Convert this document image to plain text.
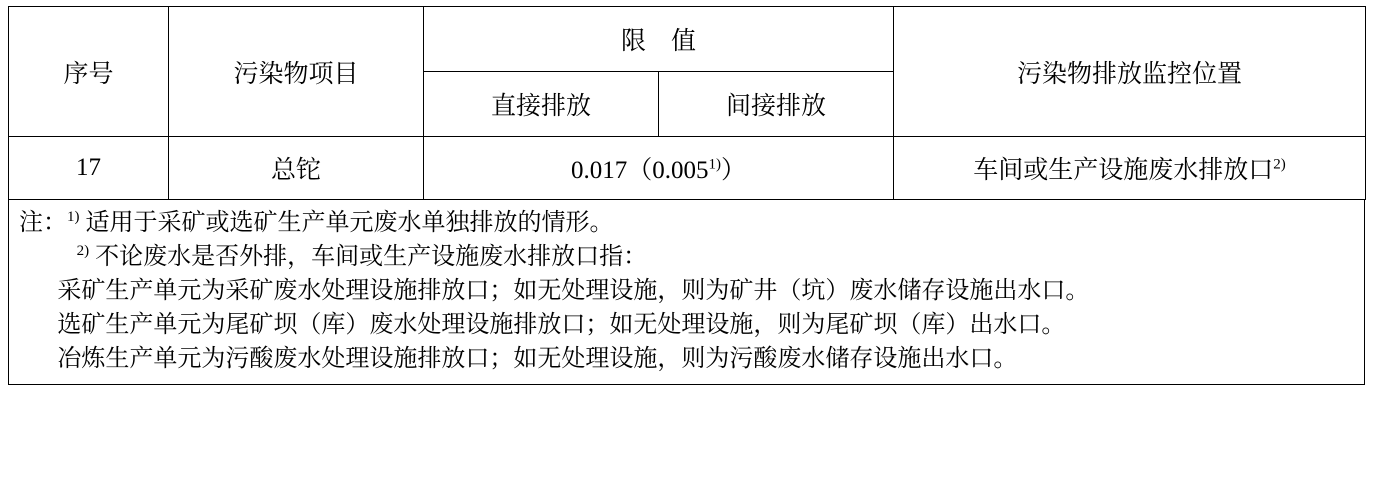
序号	污染物项目	限　值		污染物排放监控位置
		直接排放	间接排放	
17	总铊	0.017（0.005$^{1)}$）		车间或生产设施废水排放口$^{2)}$
注：$^{1)}$ 适用于采矿或选矿生产单元废水单独排放的情形。
$^{2)}$ 不论废水是否外排，车间或生产设施废水排放口指：
采矿生产单元为采矿废水处理设施排放口；如无处理设施，则为矿井（坑）废水储存设施出水口。
选矿生产单元为尾矿坝（库）废水处理设施排放口；如无处理设施，则为尾矿坝（库）出水口。
冶炼生产单元为污酸废水处理设施排放口；如无处理设施，则为污酸废水储存设施出水口。
